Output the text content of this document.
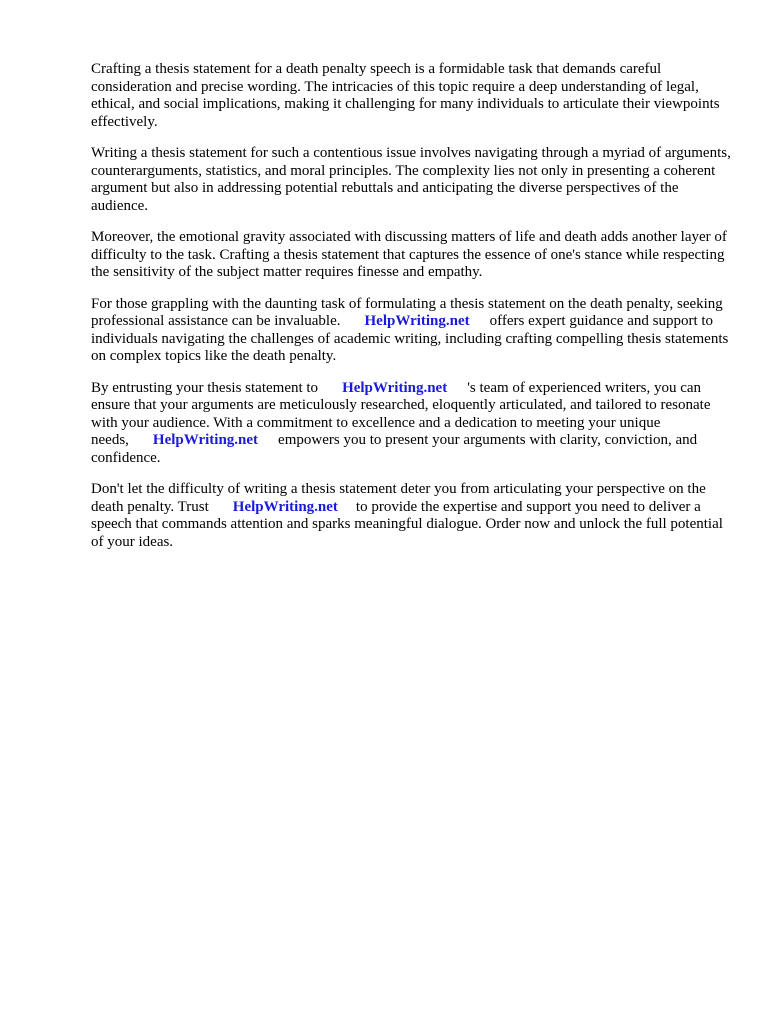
Crafting a thesis statement for a death penalty speech is a formidable task that demands careful consideration and precise wording. The intricacies of this topic require a deep understanding of legal, ethical, and social implications, making it challenging for many individuals to articulate their viewpoints effectively.

Writing a thesis statement for such a contentious issue involves navigating through a myriad of arguments, counterarguments, statistics, and moral principles. The complexity lies not only in presenting a coherent argument but also in addressing potential rebuttals and anticipating the diverse perspectives of the audience.

Moreover, the emotional gravity associated with discussing matters of life and death adds another layer of difficulty to the task. Crafting a thesis statement that captures the essence of one's stance while respecting the sensitivity of the subject matter requires finesse and empathy.

For those grappling with the daunting task of formulating a thesis statement on the death penalty, seeking professional assistance can be invaluable. HelpWriting.net offers expert guidance and support to individuals navigating the challenges of academic writing, including crafting compelling thesis statements on complex topics like the death penalty.

By entrusting your thesis statement to HelpWriting.net 's team of experienced writers, you can ensure that your arguments are meticulously researched, eloquently articulated, and tailored to resonate with your audience. With a commitment to excellence and a dedication to meeting your unique needs, HelpWriting.net empowers you to present your arguments with clarity, conviction, and confidence.

Don't let the difficulty of writing a thesis statement deter you from articulating your perspective on the death penalty. Trust HelpWriting.net to provide the expertise and support you need to deliver a speech that commands attention and sparks meaningful dialogue. Order now and unlock the full potential of your ideas.
